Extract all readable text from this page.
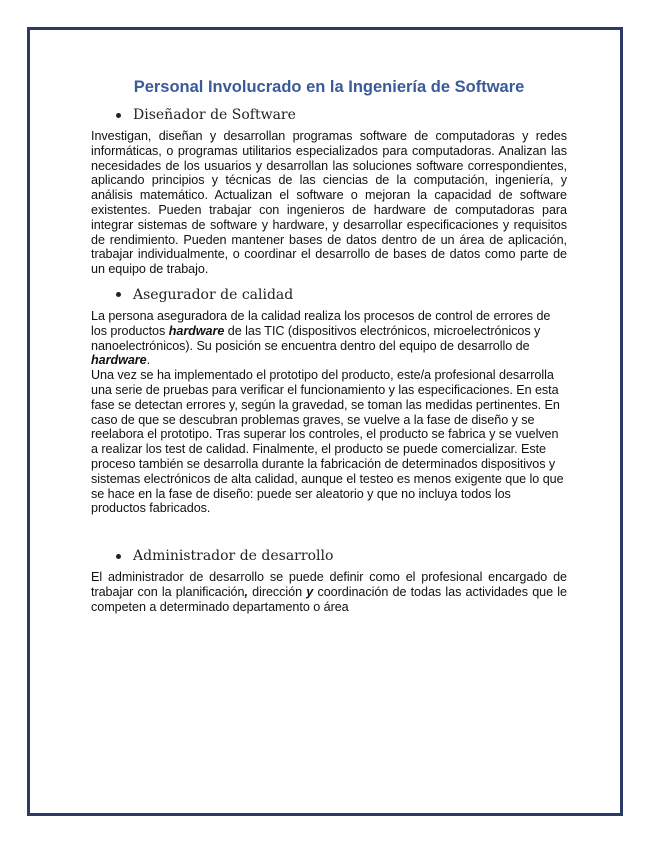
Personal Involucrado en la Ingeniería de Software
Diseñador de Software

Investigan, diseñan y desarrollan programas software de computadoras y redes informáticas, o programas utilitarios especializados para computadoras. Analizan las necesidades de los usuarios y desarrollan las soluciones software correspondientes, aplicando principios y técnicas de las ciencias de la computación, ingeniería, y análisis matemático. Actualizan el software o mejoran la capacidad de software existentes. Pueden trabajar con ingenieros de hardware de computadoras para integrar sistemas de software y hardware, y desarrollar especificaciones y requisitos de rendimiento. Pueden mantener bases de datos dentro de un área de aplicación, trabajar individualmente, o coordinar el desarrollo de bases de datos como parte de un equipo de trabajo.

Asegurador de calidad

La persona aseguradora de la calidad realiza los procesos de control de errores de los productos hardware de las TIC (dispositivos electrónicos, microelectrónicos y nanoelectrónicos). Su posición se encuentra dentro del equipo de desarrollo de hardware.

Una vez se ha implementado el prototipo del producto, este/a profesional desarrolla una serie de pruebas para verificar el funcionamiento y las especificaciones. En esta fase se detectan errores y, según la gravedad, se toman las medidas pertinentes. En caso de que se descubran problemas graves, se vuelve a la fase de diseño y se reelabora el prototipo. Tras superar los controles, el producto se fabrica y se vuelven a realizar los test de calidad. Finalmente, el producto se puede comercializar. Este proceso también se desarrolla durante la fabricación de determinados dispositivos y sistemas electrónicos de alta calidad, aunque el testeo es menos exigente que lo que se hace en la fase de diseño: puede ser aleatorio y que no incluya todos los productos fabricados.

Administrador de desarrollo

El administrador de desarrollo se puede definir como el profesional encargado de trabajar con la planificación, dirección y coordinación de todas las actividades que le competen a determinado departamento o área
